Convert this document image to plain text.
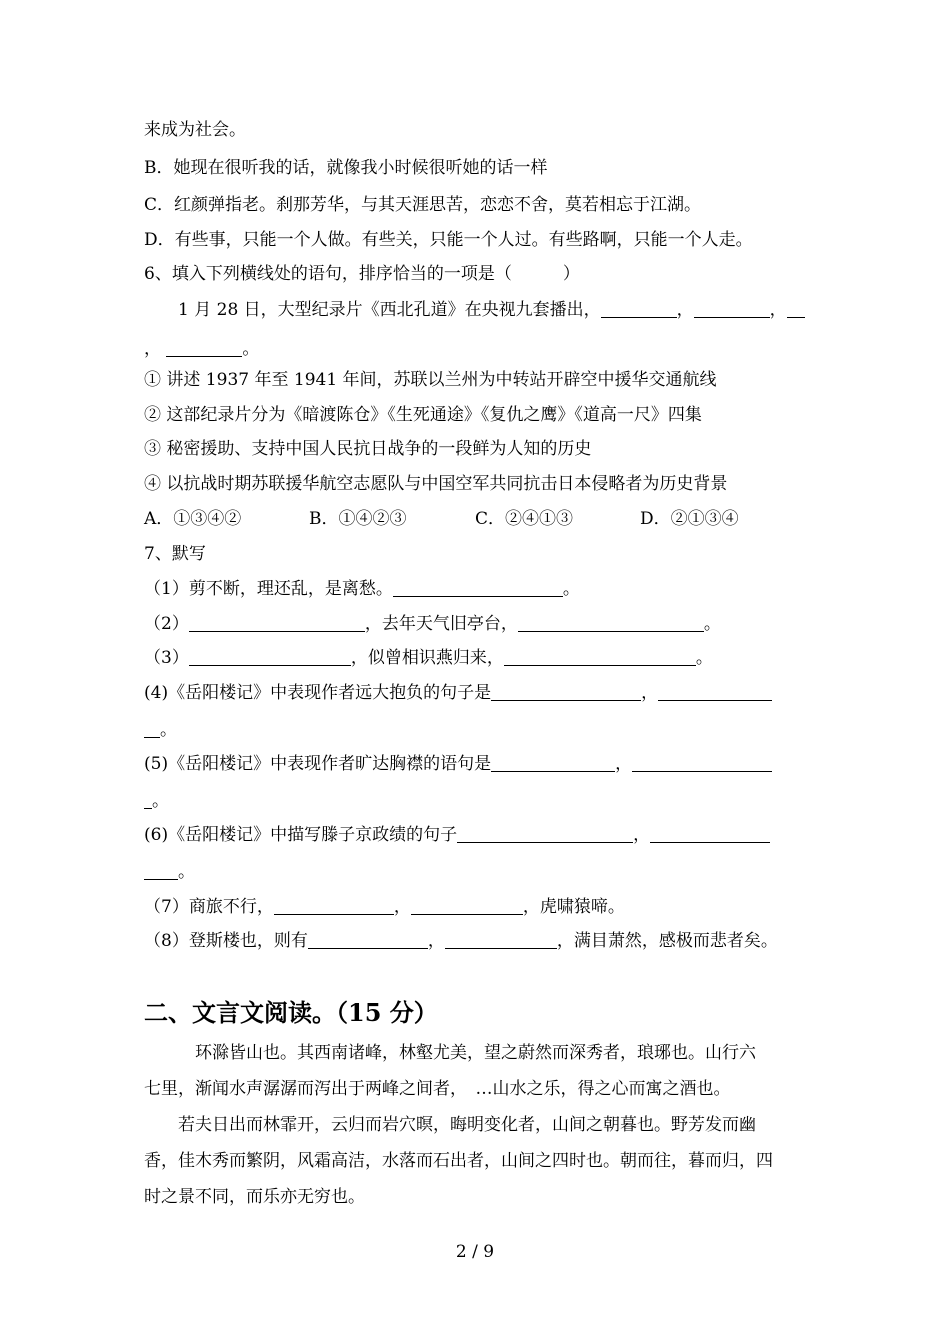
来成为社会。
B．她现在很听我的话，就像我小时候很听她的话一样
C．红颜弹指老。刹那芳华，与其天涯思苦，恋恋不舍，莫若相忘于江湖。
D．有些事，只能一个人做。有些关，只能一个人过。有些路啊，只能一个人走。
6、填入下列横线处的语句，排序恰当的一项是（　　　）
1 月 28 日，大型纪录片《西北孔道》在央视九套播出，	，	，
，	。
① 讲述 1937 年至 1941 年间，苏联以兰州为中转站开辟空中援华交通航线
② 这部纪录片分为《暗渡陈仓》《生死通途》《复仇之鹰》《道高一尺》四集
③ 秘密援助、支持中国人民抗日战争的一段鲜为人知的历史
④ 以抗战时期苏联援华航空志愿队与中国空军共同抗击日本侵略者为历史背景
A．①③④②	B．①④②③	C．②④①③	D．②①③④
7、默写
（1）剪不断，理还乱，是离愁。	。
（2）	，去年天气旧亭台，	。
（3）	，似曾相识燕归来，	。
(4)《岳阳楼记》中表现作者远大抱负的句子是	，
。
(5)《岳阳楼记》中表现作者旷达胸襟的语句是	，
。
(6)《岳阳楼记》中描写滕子京政绩的句子	，
。
（7）商旅不行，	，	，虎啸猿啼。
（8）登斯楼也，则有	，	，满目萧然，感极而悲者矣。
二、文言文阅读。（15 分）
环滁皆山也。其西南诸峰，林壑尤美，望之蔚然而深秀者，琅琊也。山行六
七里，渐闻水声潺潺而泻出于两峰之间者，　…山水之乐，得之心而寓之酒也。
若夫日出而林霏开，云归而岩穴暝，晦明变化者，山间之朝暮也。野芳发而幽
香，佳木秀而繁阴，风霜高洁，水落而石出者，山间之四时也。朝而往，暮而归，四
时之景不同，而乐亦无穷也。
2 / 9
